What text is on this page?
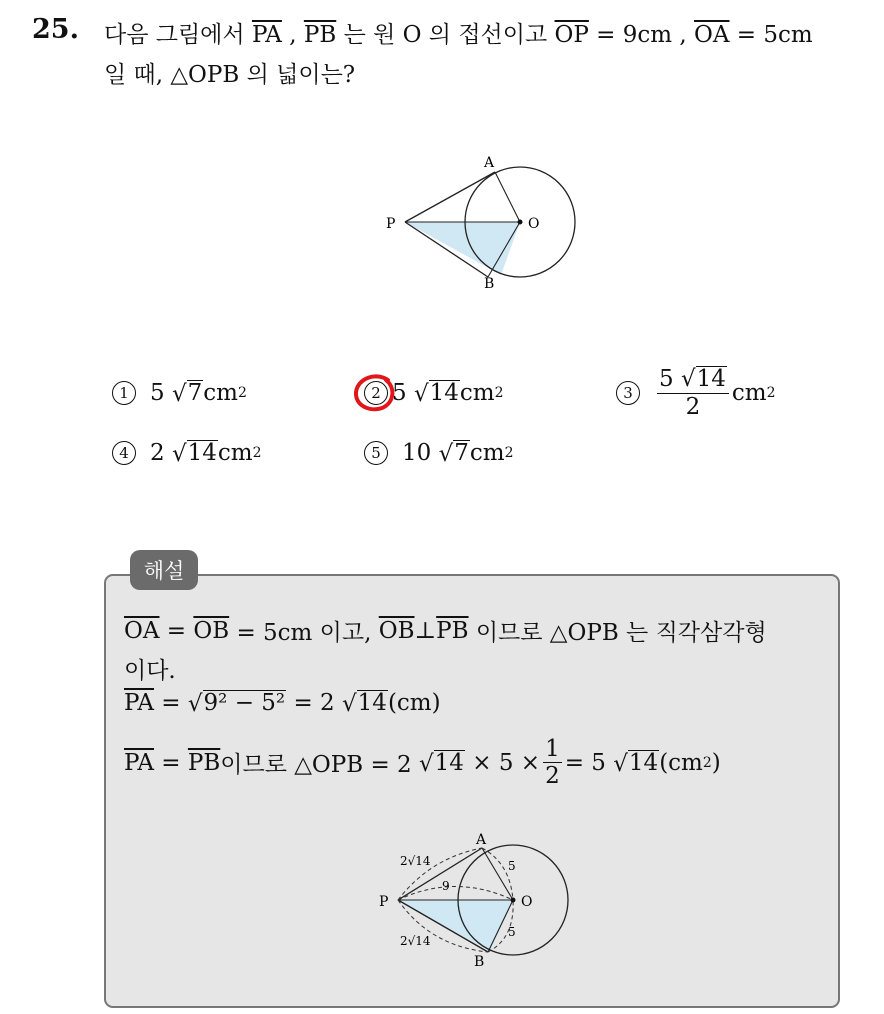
25. 다음 그림에서 $\overline{PA}$ , $\overline{PB}$ 는 원 O 의 접선이고 $\overline{OP} = 9cm$ , $\overline{OA} = 5cm$
일 때, △OPB 의 넓이는?
A
B
O
P
1 5
√ 7 cm 2	2 5
√ 14 cm 2	3	$\frac{5 √ 14}{2}$ cm 2
4 2
√ 14 cm 2	5 10
√ 7 cm 2
해설
$\overline{OA}$
=
$\overline{OB}$
= 5cm 이고,
$\overline{OB}$ ⊥ $\overline{PB}$
이므로 △OPB 는 직각삼각형
이다.
$\overline{PA}$
=
√ 9² − 5²
= 2
√ 14 (cm)
$\overline{PA}$
=
$\overline{PB}$ 이므로 △OPB = 2
√ 14
× $5 \times \frac{1}{2} = 5$
√ 14 (cm 2 )
A
B
O
P
2√14
9
5
5
2√14
